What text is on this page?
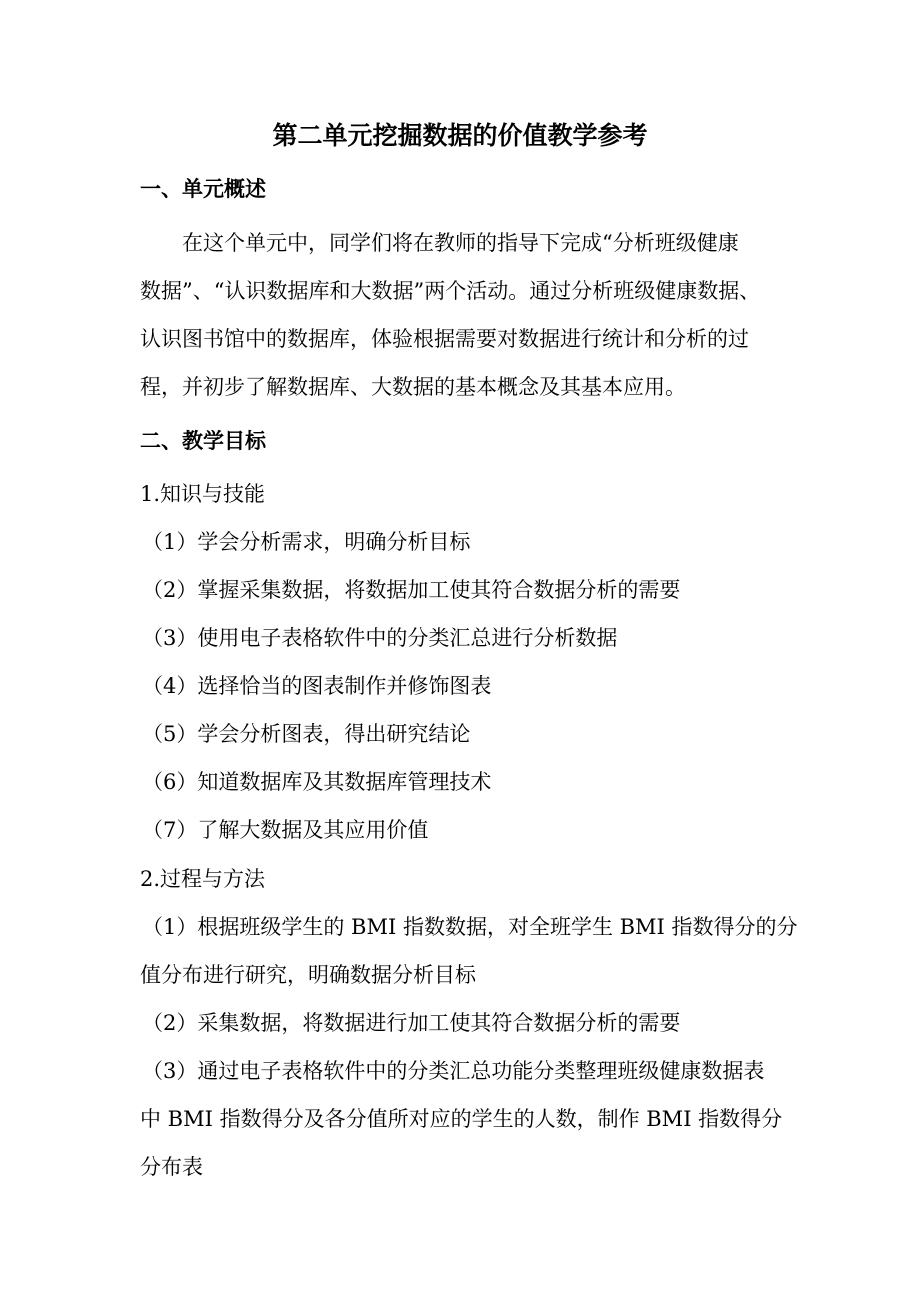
第二单元挖掘数据的价值教学参考
一、单元概述
在这个单元中，同学们将在教师的指导下完成“分析班级健康
数据”、“认识数据库和大数据”两个活动。通过分析班级健康数据、
认识图书馆中的数据库，体验根据需要对数据进行统计和分析的过
程，并初步了解数据库、大数据的基本概念及其基本应用。
二、教学目标
1.知识与技能
（1）学会分析需求，明确分析目标
（2）掌握采集数据，将数据加工使其符合数据分析的需要
（3）使用电子表格软件中的分类汇总进行分析数据
（4）选择恰当的图表制作并修饰图表
（5）学会分析图表，得出研究结论
（6）知道数据库及其数据库管理技术
（7）了解大数据及其应用价值
2.过程与方法
（1）根据班级学生的 BMI 指数数据，对全班学生 BMI 指数得分的分
值分布进行研究，明确数据分析目标
（2）采集数据，将数据进行加工使其符合数据分析的需要
（3）通过电子表格软件中的分类汇总功能分类整理班级健康数据表
中 BMI 指数得分及各分值所对应的学生的人数，制作 BMI 指数得分
分布表
